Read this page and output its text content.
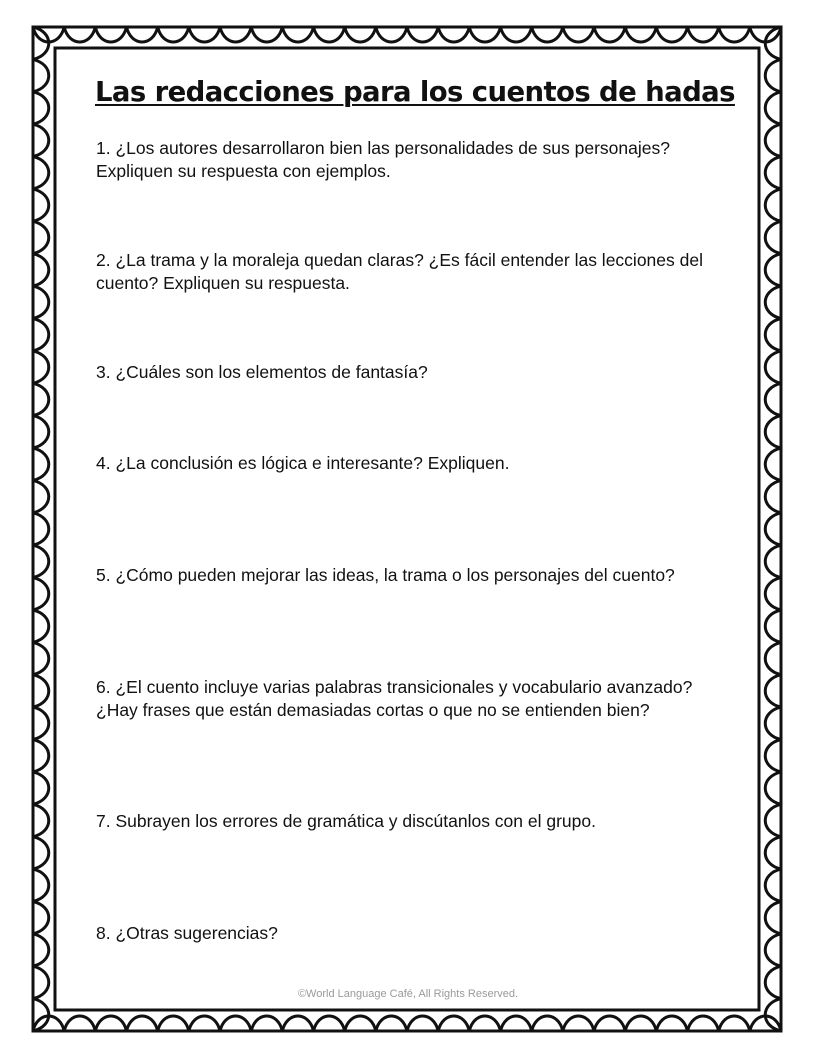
Las redacciones para los cuentos de hadas

1. ¿Los autores desarrollaron bien las personalidades de sus personajes? Expliquen su respuesta con ejemplos.

2. ¿La trama y la moraleja quedan claras? ¿Es fácil entender las lecciones del cuento? Expliquen su respuesta.

3. ¿Cuáles son los elementos de fantasía?

4. ¿La conclusión es lógica e interesante? Expliquen.

5. ¿Cómo pueden mejorar las ideas, la trama o los personajes del cuento?

6. ¿El cuento incluye varias palabras transicionales y vocabulario avanzado? ¿Hay frases que están demasiadas cortas o que no se entienden bien?

7. Subrayen los errores de gramática y discútanlos con el grupo.

8. ¿Otras sugerencias?

©World Language Café, All Rights Reserved.
